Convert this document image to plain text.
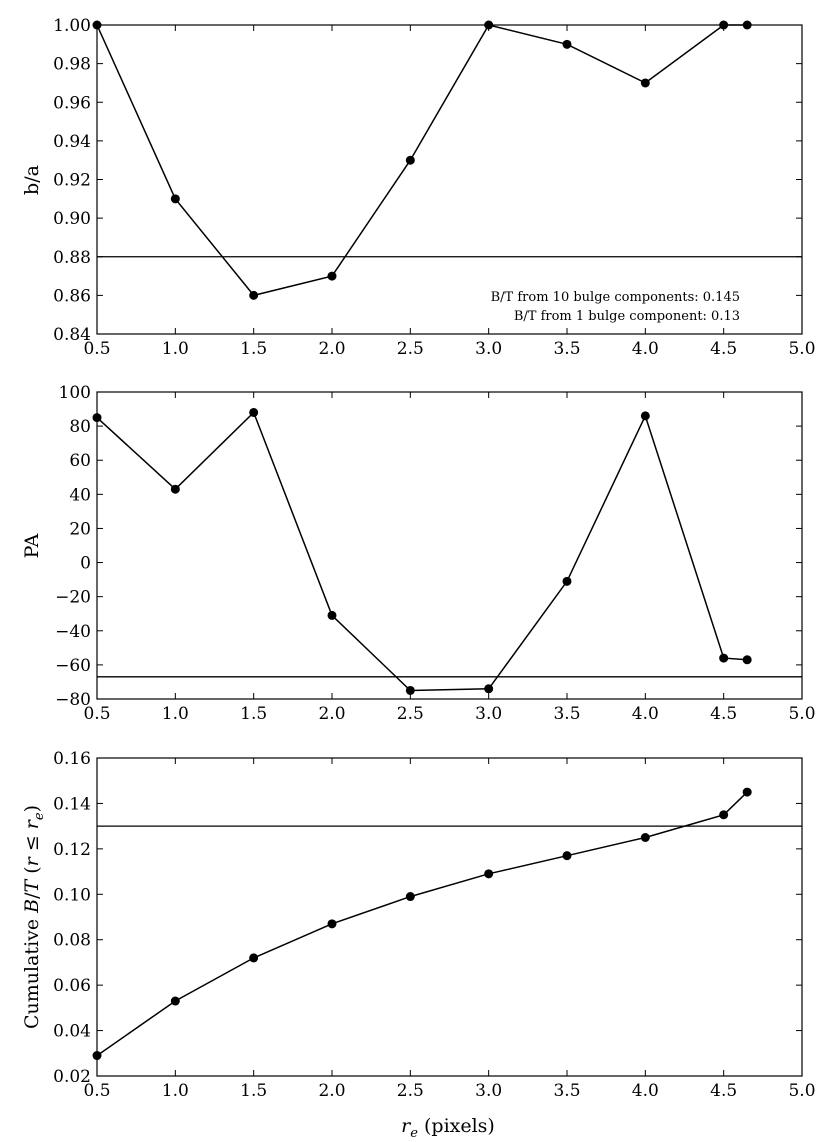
0.5	1.0	1.5	2.0	2.5	3.0	3.5	4.0	4.5	5.0
0.84
0.86
0.88
0.90
0.92
0.94
0.96
0.98
1.00
b/a
B/T from 10 bulge components: 0.145
B/T from 1 bulge component: 0.13
0.5	1.0	1.5	2.0	2.5	3.0	3.5	4.0	4.5	5.0
−80
−60
−40
−20
0
20
40
60
80
100
PA
0.5	1.0	1.5	2.0	2.5	3.0	3.5	4.0	4.5	5.0
0.02
0.04
0.06
0.08
0.10
0.12
0.14
0.16
Cumulative B/T $(r \le r_e)$
$r_e$ (pixels)
